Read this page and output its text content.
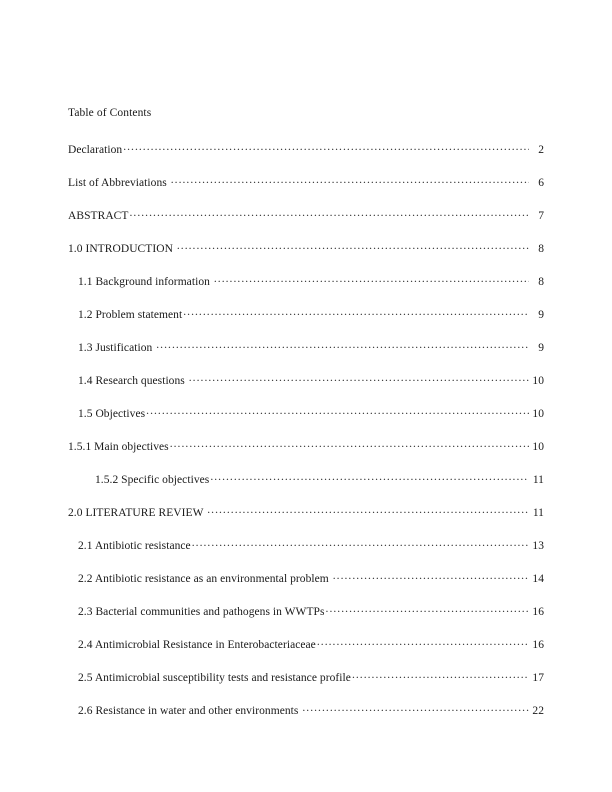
Table of Contents
Declaration .....	2
List of Abbreviations .....	6
ABSTRACT .....	7
1.0 INTRODUCTION .....	8
1.1 Background information .....	8
1.2 Problem statement .....	9
1.3 Justification .....	9
1.4 Research questions .....	10
1.5 Objectives .....	10
1.5.1 Main objectives .....	10
1.5.2 Specific objectives .....	11
2.0 LITERATURE REVIEW .....	11
2.1 Antibiotic resistance .....	13
2.2 Antibiotic resistance as an environmental problem .....	14
2.3 Bacterial communities and pathogens in WWTPs .....	16
2.4 Antimicrobial Resistance in Enterobacteriaceae .....	16
2.5 Antimicrobial susceptibility tests and resistance profile .....	17
2.6 Resistance in water and other environments .....	22
